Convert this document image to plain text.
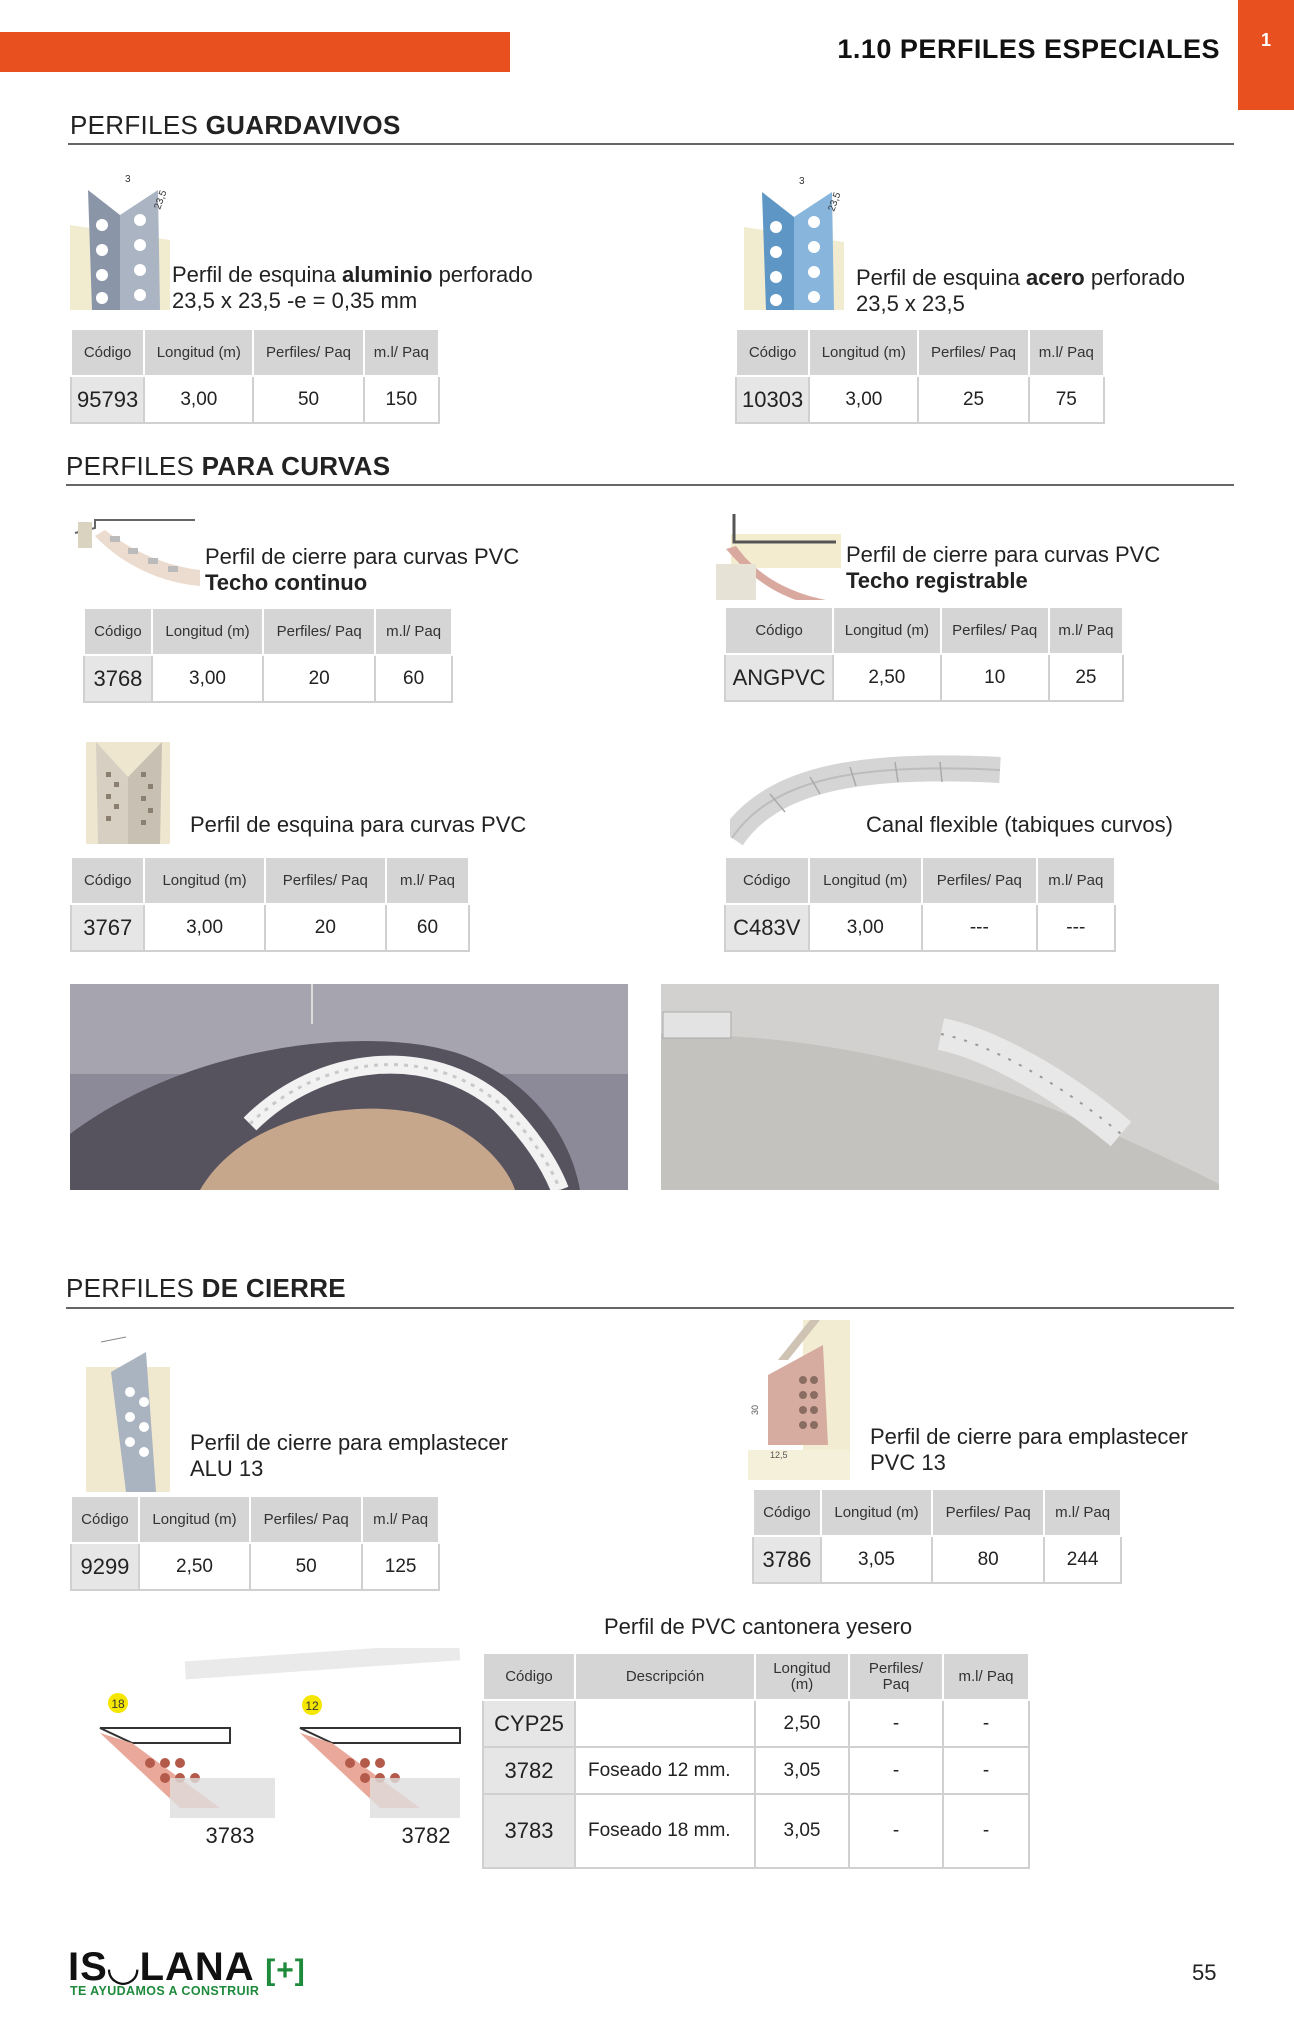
1
1.10 PERFILES ESPECIALES
PERFILES GUARDAVIVOS
3
23,5
Perfil de esquina aluminio perforado
23,5 x 23,5 -e = 0,35 mm
Código	Longitud (m)	Perfiles/ Paq	m.l/ Paq
95793	3,00	50	150
3
23,5
Perfil de esquina acero perforado
23,5 x 23,5
Código	Longitud (m)	Perfiles/ Paq	m.l/ Paq
10303	3,00	25	75
PERFILES PARA CURVAS
Perfil de cierre para curvas PVC
Techo continuo
Código	Longitud (m)	Perfiles/ Paq	m.l/ Paq
3768	3,00	20	60
Perfil de cierre para curvas PVC
Techo registrable
Código	Longitud (m)	Perfiles/ Paq	m.l/ Paq
ANGPVC	2,50	10	25
Perfil de esquina para curvas PVC
Código	Longitud (m)	Perfiles/ Paq	m.l/ Paq
3767	3,00	20	60
Canal flexible (tabiques curvos)
Código	Longitud (m)	Perfiles/ Paq	m.l/ Paq
C483V	3,00	---	---
PERFILES DE CIERRE
Perfil de cierre para emplastecer
ALU 13
Código	Longitud (m)	Perfiles/ Paq	m.l/ Paq
9299	2,50	50	125
30
12,5
Perfil de cierre para emplastecer
PVC 13
Código	Longitud (m)	Perfiles/ Paq	m.l/ Paq
3786	3,05	80	244
Perfil de PVC cantonera yesero
18	12
3783	3782
Código	Descripción	Longitud (m)	Perfiles/ Paq	m.l/ Paq
CYP25		2,50	-	-
3782	Foseado 12 mm.	3,05	-	-
3783	Foseado 18 mm.	3,05	-	-
IS◡LANA [+]
TE AYUDAMOS A CONSTRUIR
55
